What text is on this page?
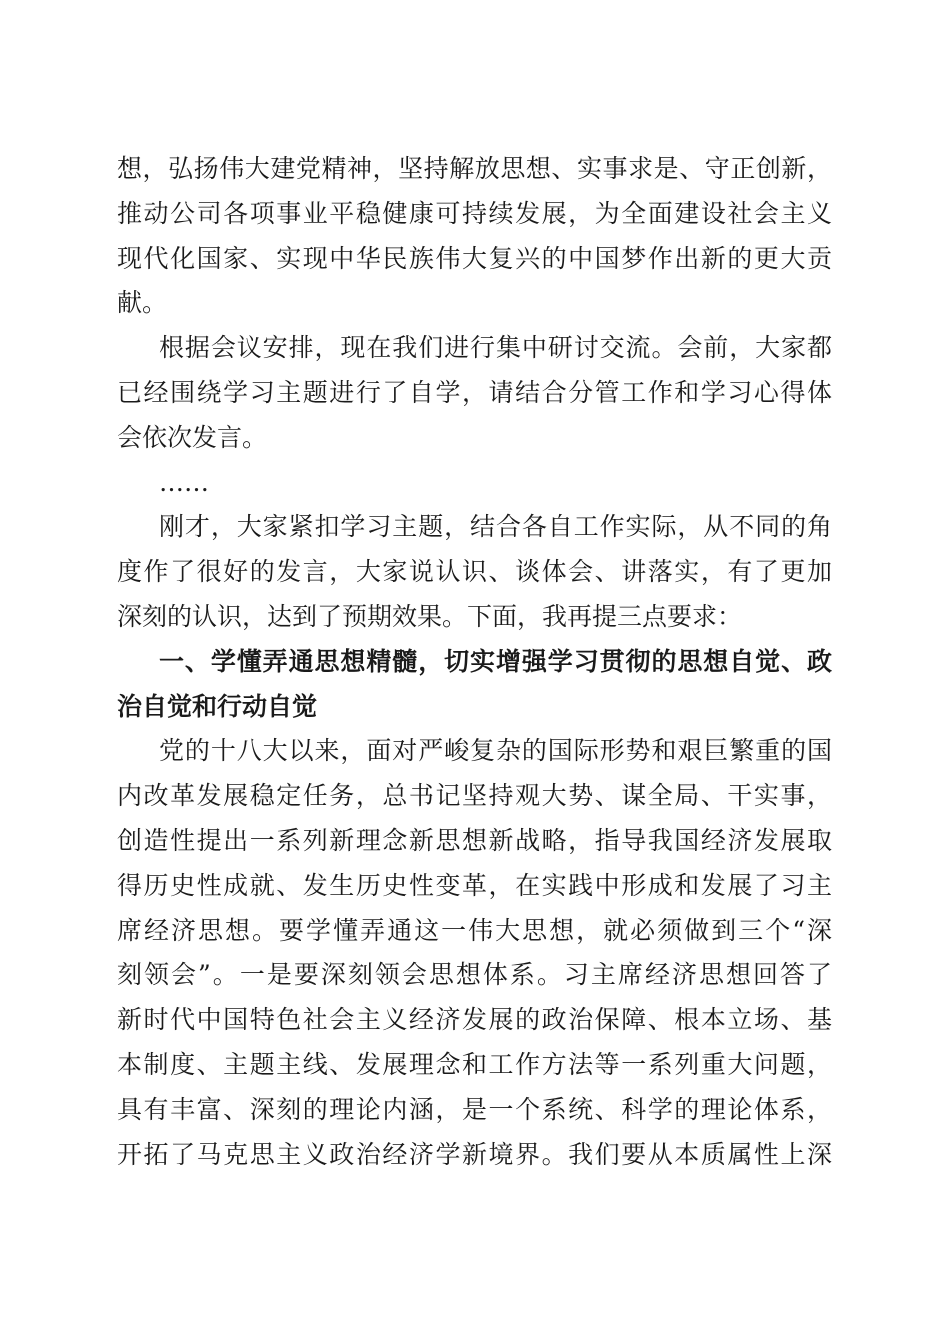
想，弘扬伟大建党精神，坚持解放思想、实事求是、守正创新，
推动公司各项事业平稳健康可持续发展，为全面建设社会主义
现代化国家、实现中华民族伟大复兴的中国梦作出新的更大贡
献。
根据会议安排，现在我们进行集中研讨交流。会前，大家都
已经围绕学习主题进行了自学，请结合分管工作和学习心得体
会依次发言。
……
刚才，大家紧扣学习主题，结合各自工作实际，从不同的角
度作了很好的发言，大家说认识、谈体会、讲落实，有了更加
深刻的认识，达到了预期效果。下面，我再提三点要求：
一、学懂弄通思想精髓，切实增强学习贯彻的思想自觉、政
治自觉和行动自觉
党的十八大以来，面对严峻复杂的国际形势和艰巨繁重的国
内改革发展稳定任务，总书记坚持观大势、谋全局、干实事，
创造性提出一系列新理念新思想新战略，指导我国经济发展取
得历史性成就、发生历史性变革，在实践中形成和发展了习主
席经济思想。要学懂弄通这一伟大思想，就必须做到三个“深
刻领会”。一是要深刻领会思想体系。习主席经济思想回答了
新时代中国特色社会主义经济发展的政治保障、根本立场、基
本制度、主题主线、发展理念和工作方法等一系列重大问题，
具有丰富、深刻的理论内涵，是一个系统、科学的理论体系，
开拓了马克思主义政治经济学新境界。我们要从本质属性上深
